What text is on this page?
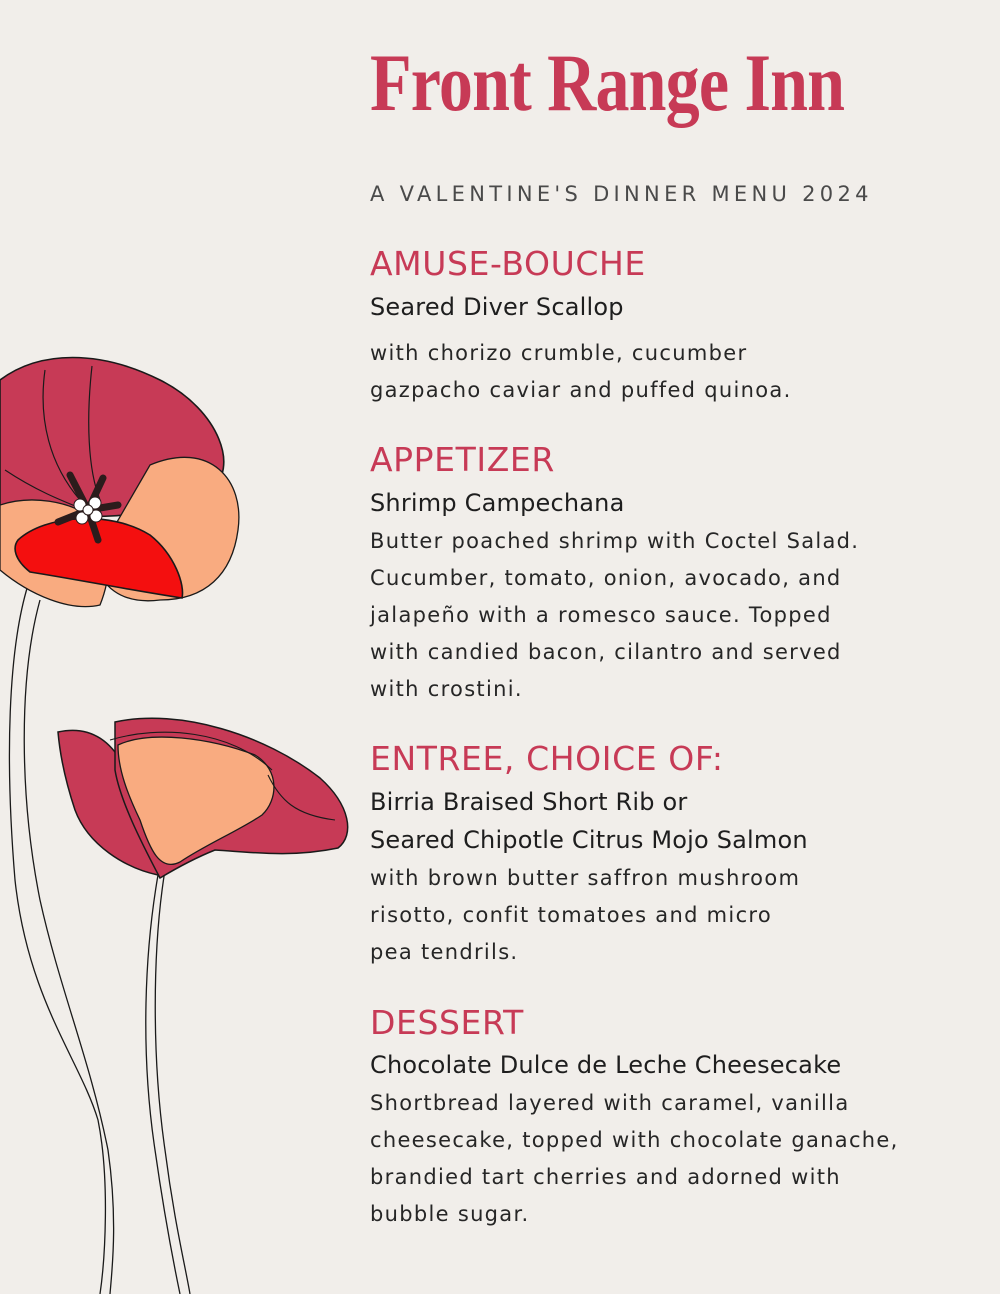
Front Range Inn
A VALENTINE'S DINNER MENU 2024
AMUSE-BOUCHE
Seared Diver Scallop
with chorizo crumble, cucumber
gazpacho caviar and puffed quinoa.
APPETIZER
Shrimp Campechana
Butter poached shrimp with Coctel Salad.
Cucumber, tomato, onion, avocado, and
jalapeño with a romesco sauce. Topped
with candied bacon, cilantro and served
with crostini.
ENTREE, CHOICE OF:
Birria Braised Short Rib or
Seared Chipotle Citrus Mojo Salmon
with brown butter saffron mushroom
risotto, confit tomatoes and micro
pea tendrils.
DESSERT
Chocolate Dulce de Leche Cheesecake
Shortbread layered with caramel, vanilla
cheesecake, topped with chocolate ganache,
brandied tart cherries and adorned with
bubble sugar.
